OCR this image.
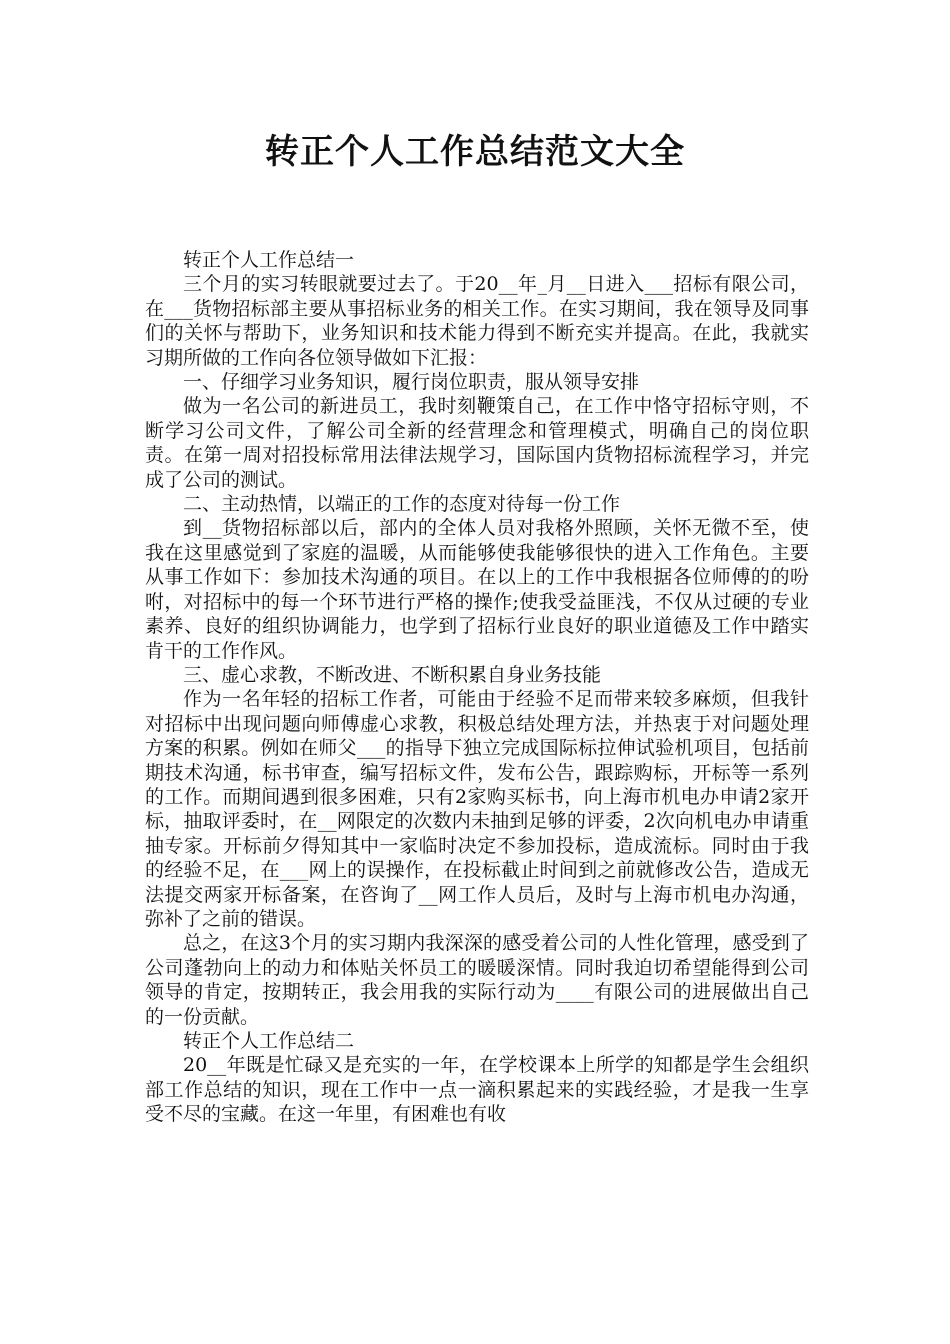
转正个人工作总结范文大全

转正个人工作总结一

三个月的实习转眼就要过去了。于20__年_月__日进入___招标有限公司，在___货物招标部主要从事招标业务的相关工作。在实习期间，我在领导及同事们的关怀与帮助下，业务知识和技术能力得到不断充实并提高。在此，我就实习期所做的工作向各位领导做如下汇报：

一、仔细学习业务知识，履行岗位职责，服从领导安排

做为一名公司的新进员工，我时刻鞭策自己，在工作中恪守招标守则，不断学习公司文件，了解公司全新的经营理念和管理模式，明确自己的岗位职责。在第一周对招投标常用法律法规学习，国际国内货物招标流程学习，并完成了公司的测试。

二、主动热情，以端正的工作的态度对待每一份工作

到__货物招标部以后，部内的全体人员对我格外照顾，关怀无微不至，使我在这里感觉到了家庭的温暖，从而能够使我能够很快的进入工作角色。主要从事工作如下：参加技术沟通的项目。在以上的工作中我根据各位师傅的的吩咐，对招标中的每一个环节进行严格的操作;使我受益匪浅，不仅从过硬的专业素养、良好的组织协调能力，也学到了招标行业良好的职业道德及工作中踏实肯干的工作作风。

三、虚心求教，不断改进、不断积累自身业务技能

作为一名年轻的招标工作者，可能由于经验不足而带来较多麻烦，但我针对招标中出现问题向师傅虚心求教，积极总结处理方法，并热衷于对问题处理方案的积累。例如在师父___的指导下独立完成国际标拉伸试验机项目，包括前期技术沟通，标书审查，编写招标文件，发布公告，跟踪购标，开标等一系列的工作。而期间遇到很多困难，只有2家购买标书，向上海市机电办申请2家开标，抽取评委时，在__网限定的次数内未抽到足够的评委，2次向机电办申请重抽专家。开标前夕得知其中一家临时决定不参加投标，造成流标。同时由于我的经验不足，在___网上的误操作，在投标截止时间到之前就修改公告，造成无法提交两家开标备案，在咨询了__网工作人员后，及时与上海市机电办沟通，弥补了之前的错误。

总之，在这3个月的实习期内我深深的感受着公司的人性化管理，感受到了公司蓬勃向上的动力和体贴关怀员工的暖暖深情。同时我迫切希望能得到公司领导的肯定，按期转正，我会用我的实际行动为____有限公司的进展做出自己的一份贡献。

转正个人工作总结二

20__年既是忙碌又是充实的一年，在学校课本上所学的知都是学生会组织部工作总结的知识，现在工作中一点一滴积累起来的实践经验，才是我一生享受不尽的宝藏。在这一年里，有困难也有收
